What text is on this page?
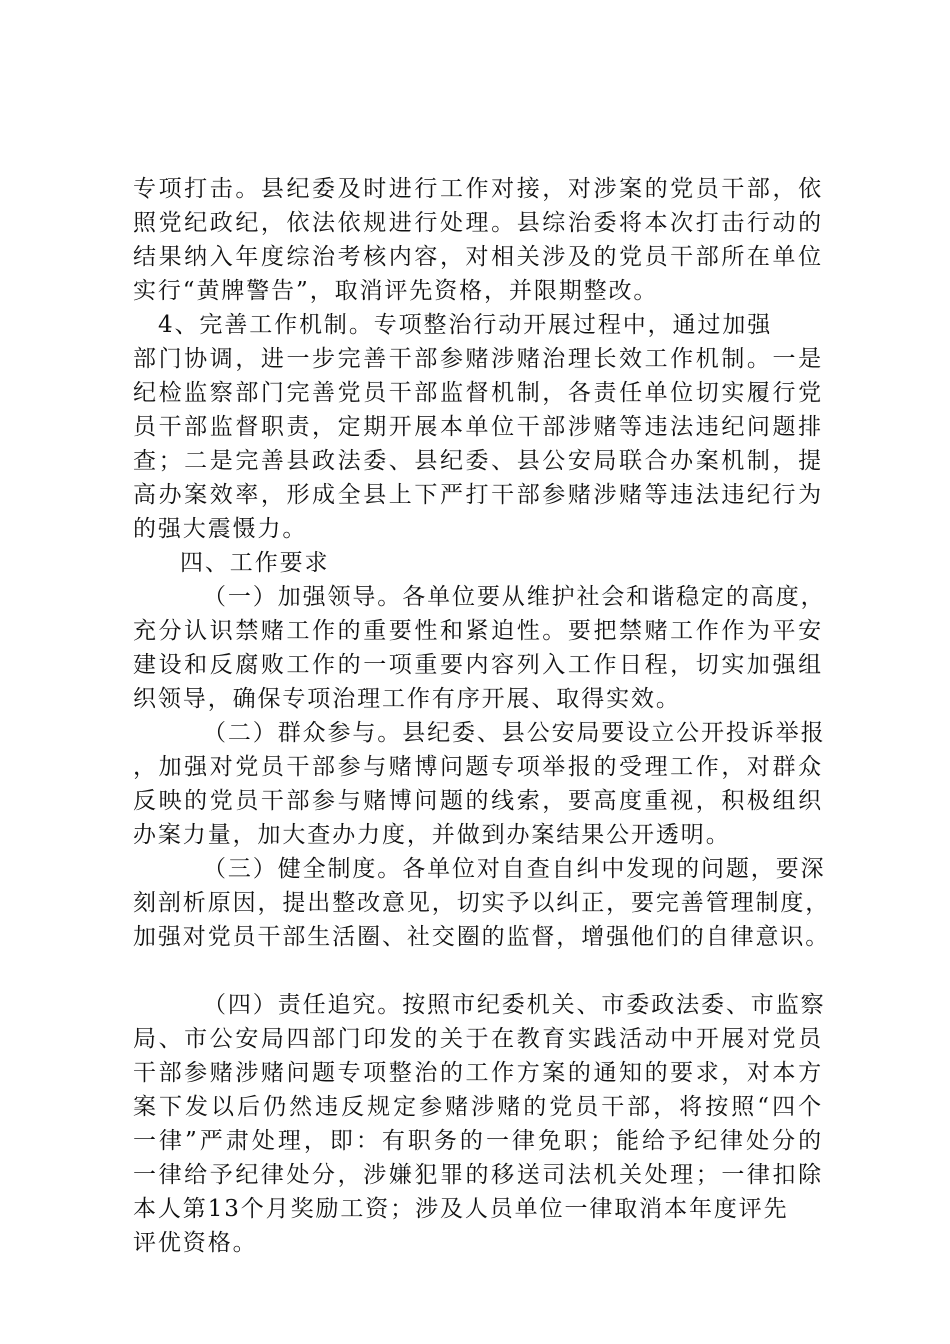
专项打击。县纪委及时进行工作对接，对涉案的党员干部，依
照党纪政纪，依法依规进行处理。县综治委将本次打击行动的
结果纳入年度综治考核内容，对相关涉及的党员干部所在单位
实行“黄牌警告”，取消评先资格，并限期整改。
4、完善工作机制。专项整治行动开展过程中，通过加强
部门协调，进一步完善干部参赌涉赌治理长效工作机制。一是
纪检监察部门完善党员干部监督机制，各责任单位切实履行党
员干部监督职责，定期开展本单位干部涉赌等违法违纪问题排
查；二是完善县政法委、县纪委、县公安局联合办案机制，提
高办案效率，形成全县上下严打干部参赌涉赌等违法违纪行为
的强大震慑力。
四、工作要求
（一）加强领导。各单位要从维护社会和谐稳定的高度，
充分认识禁赌工作的重要性和紧迫性。要把禁赌工作作为平安
建设和反腐败工作的一项重要内容列入工作日程，切实加强组
织领导，确保专项治理工作有序开展、取得实效。
（二）群众参与。县纪委、县公安局要设立公开投诉举报
，加强对党员干部参与赌博问题专项举报的受理工作，对群众
反映的党员干部参与赌博问题的线索，要高度重视，积极组织
办案力量，加大查办力度，并做到办案结果公开透明。
（三）健全制度。各单位对自查自纠中发现的问题，要深
刻剖析原因，提出整改意见，切实予以纠正，要完善管理制度，
加强对党员干部生活圈、社交圈的监督，增强他们的自律意识。
（四）责任追究。按照市纪委机关、市委政法委、市监察
局、市公安局四部门印发的关于在教育实践活动中开展对党员
干部参赌涉赌问题专项整治的工作方案的通知的要求，对本方
案下发以后仍然违反规定参赌涉赌的党员干部，将按照“四个
一律”严肃处理，即：有职务的一律免职；能给予纪律处分的
一律给予纪律处分，涉嫌犯罪的移送司法机关处理；一律扣除
本人第13个月奖励工资；涉及人员单位一律取消本年度评先
评优资格。
